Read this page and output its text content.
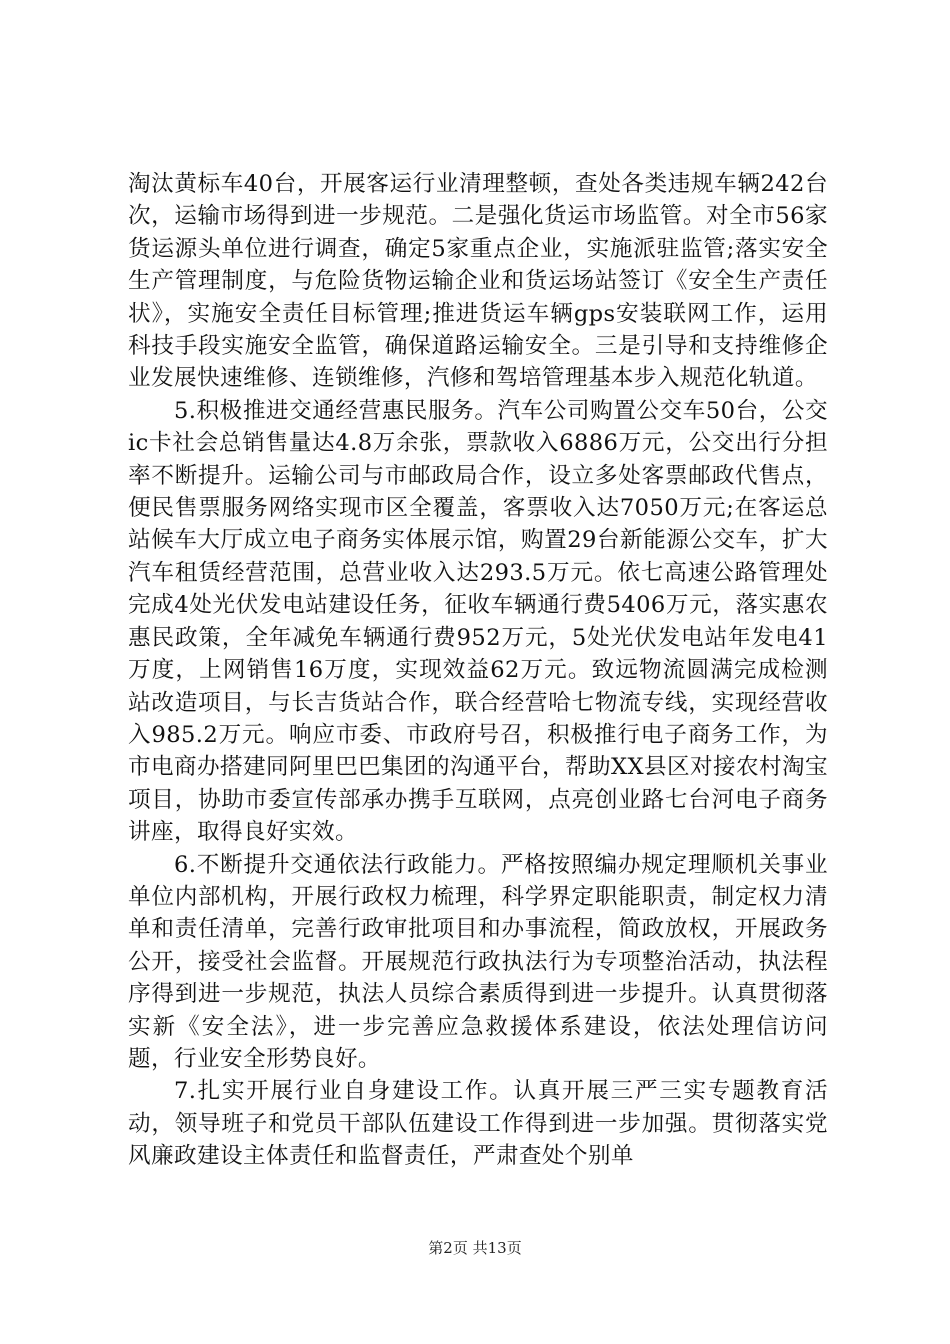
淘汰黄标车40台，开展客运行业清理整顿，查处各类违规车辆242台次，运输市场得到进一步规范。二是强化货运市场监管。对全市56家货运源头单位进行调查，确定5家重点企业，实施派驻监管;落实安全生产管理制度，与危险货物运输企业和货运场站签订《安全生产责任状》，实施安全责任目标管理;推进货运车辆gps安装联网工作，运用科技手段实施安全监管，确保道路运输安全。三是引导和支持维修企业发展快速维修、连锁维修，汽修和驾培管理基本步入规范化轨道。

5.积极推进交通经营惠民服务。汽车公司购置公交车50台，公交ic卡社会总销售量达4.8万余张，票款收入6886万元，公交出行分担率不断提升。运输公司与市邮政局合作，设立多处客票邮政代售点，便民售票服务网络实现市区全覆盖，客票收入达7050万元;在客运总站候车大厅成立电子商务实体展示馆，购置29台新能源公交车，扩大汽车租赁经营范围，总营业收入达293.5万元。依七高速公路管理处完成4处光伏发电站建设任务，征收车辆通行费5406万元，落实惠农惠民政策，全年减免车辆通行费952万元，5处光伏发电站年发电41万度，上网销售16万度，实现效益62万元。致远物流圆满完成检测站改造项目，与长吉货站合作，联合经营哈七物流专线，实现经营收入985.2万元。响应市委、市政府号召，积极推行电子商务工作，为市电商办搭建同阿里巴巴集团的沟通平台，帮助XX县区对接农村淘宝项目，协助市委宣传部承办携手互联网，点亮创业路七台河电子商务讲座，取得良好实效。

6.不断提升交通依法行政能力。严格按照编办规定理顺机关事业单位内部机构，开展行政权力梳理，科学界定职能职责，制定权力清单和责任清单，完善行政审批项目和办事流程，简政放权，开展政务公开，接受社会监督。开展规范行政执法行为专项整治活动，执法程序得到进一步规范，执法人员综合素质得到进一步提升。认真贯彻落实新《安全法》，进一步完善应急救援体系建设，依法处理信访问题，行业安全形势良好。

7.扎实开展行业自身建设工作。认真开展三严三实专题教育活动，领导班子和党员干部队伍建设工作得到进一步加强。贯彻落实党风廉政建设主体责任和监督责任，严肃查处个别单

第2页 共13页
